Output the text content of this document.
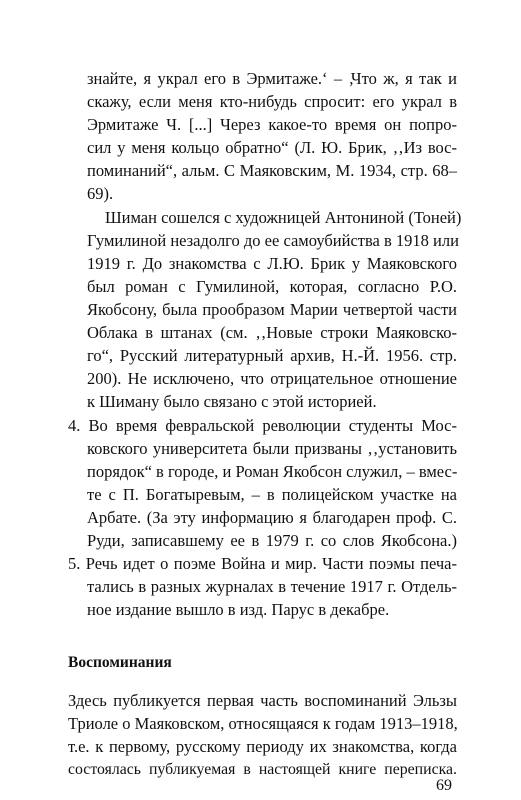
знайте, я украл его в Эрмитаже.‘ – ‚Что ж, я так и
скажу, если меня кто-нибудь спросит: его украл в
Эрмитаже Ч. [...] Через какое-то время он попро-
сил у меня кольцо обратно“ (Л. Ю. Брик, ‚‚Из вос-
поминаний“, альм. С Маяковским, М. 1934, стр. 68–
69).
Шиман сошелся с художницей Антониной (Тоней)
Гумилиной незадолго до ее самоубийства в 1918 или
1919 г. До знакомства с Л.Ю. Брик у Маяковского
был роман с Гумилиной, которая, согласно Р.О.
Якобсону, была прообразом Марии четвертой части
Облака в штанах (см. ‚‚Новые строки Маяковско-
го“, Русский литературный архив, Н.-Й. 1956. стр.
200). Не исключено, что отрицательное отношение
к Шиману было связано с этой историей.
4. Во время февральской революции студенты Мос-
ковского университета были призваны ‚‚установить
порядок“ в городе, и Роман Якобсон служил, – вмес-
те с П. Богатыревым, – в полицейском участке на
Арбате. (За эту информацию я благодарен проф. С.
Руди, записавшему ее в 1979 г. со слов Якобсона.)
5. Речь идет о поэме Война и мир. Части поэмы печа-
тались в разных журналах в течение 1917 г. Отдель-
ное издание вышло в изд. Парус в декабре.
Воспоминания
Здесь публикуется первая часть воспоминаний Эльзы
Триоле о Маяковском, относящаяся к годам 1913–1918,
т.е. к первому, русскому периоду их знакомства, когда
состоялась публикуемая в настоящей книге переписка.
69
